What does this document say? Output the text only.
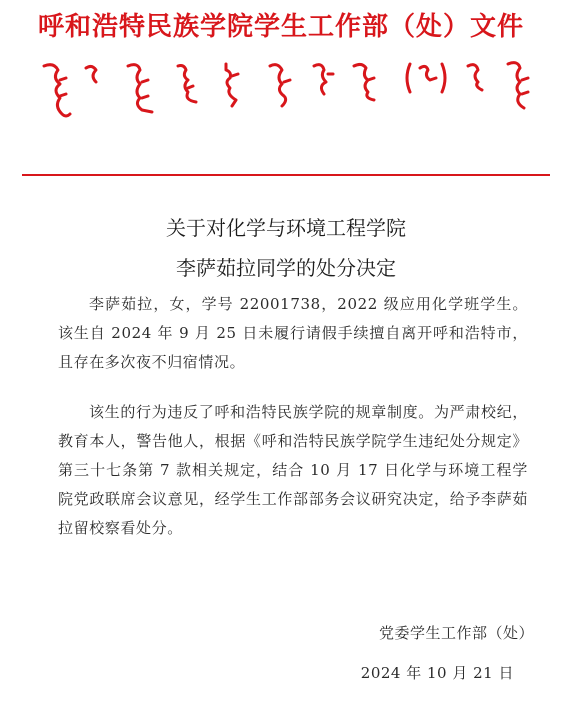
呼和浩特民族学院学生工作部（处）文件
关于对化学与环境工程学院
李萨茹拉同学的处分决定
李萨茹拉，女，学号 22001738，2022 级应用化学班学生。该生自 2024 年 9 月 25 日未履行请假手续擅自离开呼和浩特市，且存在多次夜不归宿情况。
该生的行为违反了呼和浩特民族学院的规章制度。为严肃校纪，教育本人，警告他人，根据《呼和浩特民族学院学生违纪处分规定》第三十七条第 7 款相关规定，结合 10 月 17 日化学与环境工程学院党政联席会议意见，经学生工作部部务会议研究决定，给予李萨茹拉留校察看处分。
党委学生工作部（处）
2024 年 10 月 21 日
